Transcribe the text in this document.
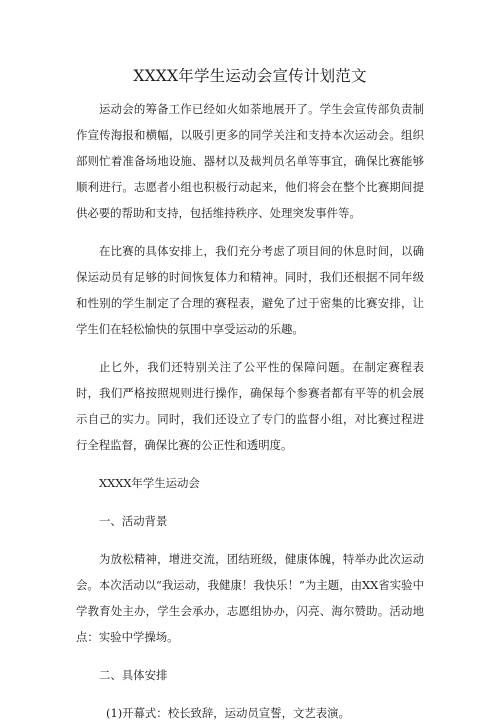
XXXX年学生运动会宣传计划范文

运动会的筹备工作已经如火如荼地展开了。学生会宣传部负责制作宣传海报和横幅，以吸引更多的同学关注和支持本次运动会。组织部则忙着准备场地设施、器材以及裁判员名单等事宜，确保比赛能够顺利进行。志愿者小组也积极行动起来，他们将会在整个比赛期间提供必要的帮助和支持，包括维持秩序、处理突发事件等。

在比赛的具体安排上，我们充分考虑了项目间的休息时间，以确保运动员有足够的时间恢复体力和精神。同时，我们还根据不同年级和性别的学生制定了合理的赛程表，避免了过于密集的比赛安排，让学生们在轻松愉快的氛围中享受运动的乐趣。

止匕外，我们还特别关注了公平性的保障问题。在制定赛程表时，我们严格按照规则进行操作，确保每个参赛者都有平等的机会展示自己的实力。同时，我们还设立了专门的监督小组，对比赛过程进行全程监督，确保比赛的公正性和透明度。

XXXX年学生运动会

一、活动背景

为放松精神，增进交流，团结班级，健康体魄，特举办此次运动会。本次活动以“我运动，我健康！我快乐！”为主题，由XX省实验中学教育处主办，学生会承办，志愿组协办，闪亮、海尔赞助。活动地点：实验中学操场。

二、具体安排

(1)开幕式：校长致辞，运动员宣誓，文艺表演。
